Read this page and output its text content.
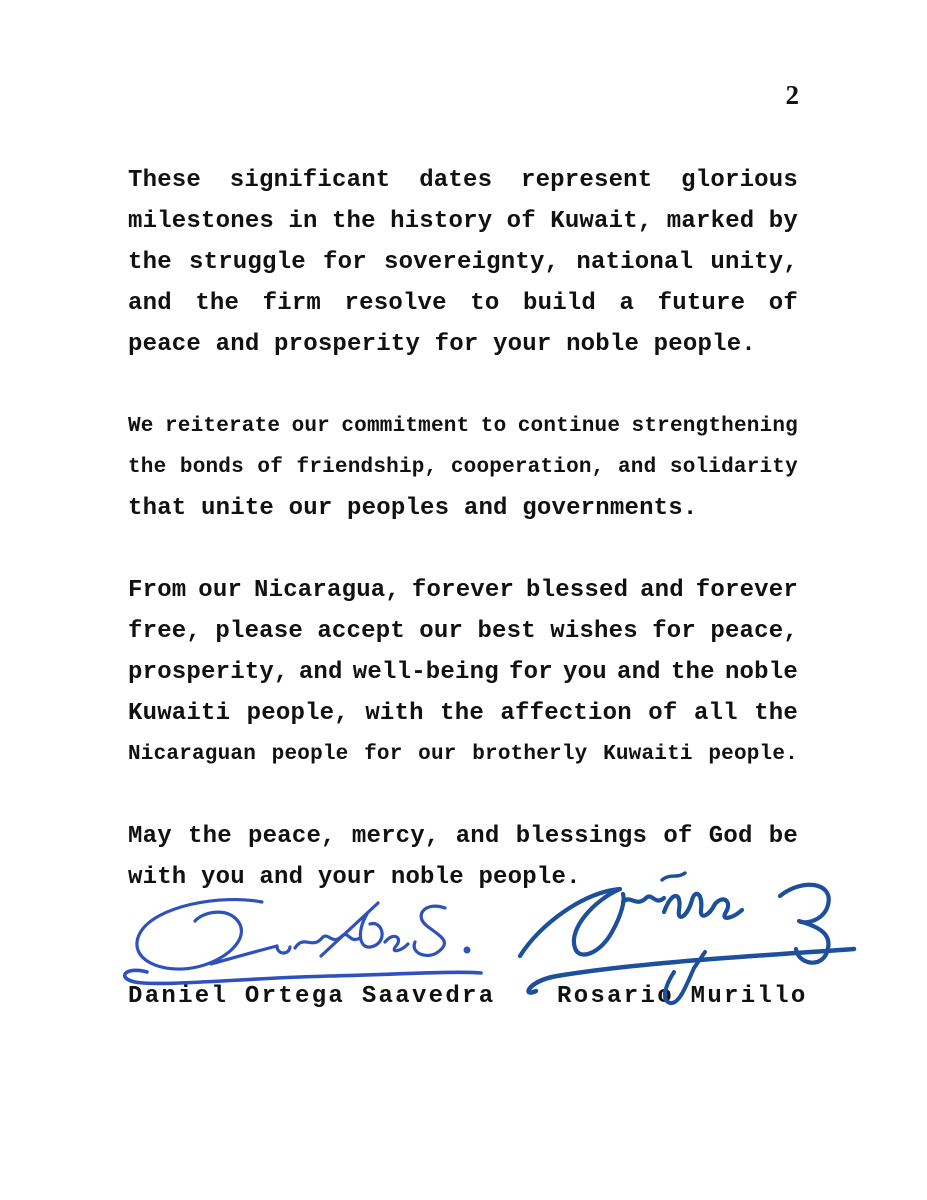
2
These significant dates represent glorious
milestones in the history of Kuwait, marked by
the struggle for sovereignty, national unity,
and the firm resolve to build a future of
peace and prosperity for your noble people.
We reiterate our commitment to continue strengthening
the bonds of friendship, cooperation, and solidarity
that unite our peoples and governments.
From our Nicaragua, forever blessed and forever
free, please accept our best wishes for peace,
prosperity, and well-being for you and the noble
Kuwaiti people, with the affection of all the
Nicaraguan people for our brotherly Kuwaiti people.
May the peace, mercy, and blessings of God be
with you and your noble people.
Daniel Ortega Saavedra	Rosario Murillo
